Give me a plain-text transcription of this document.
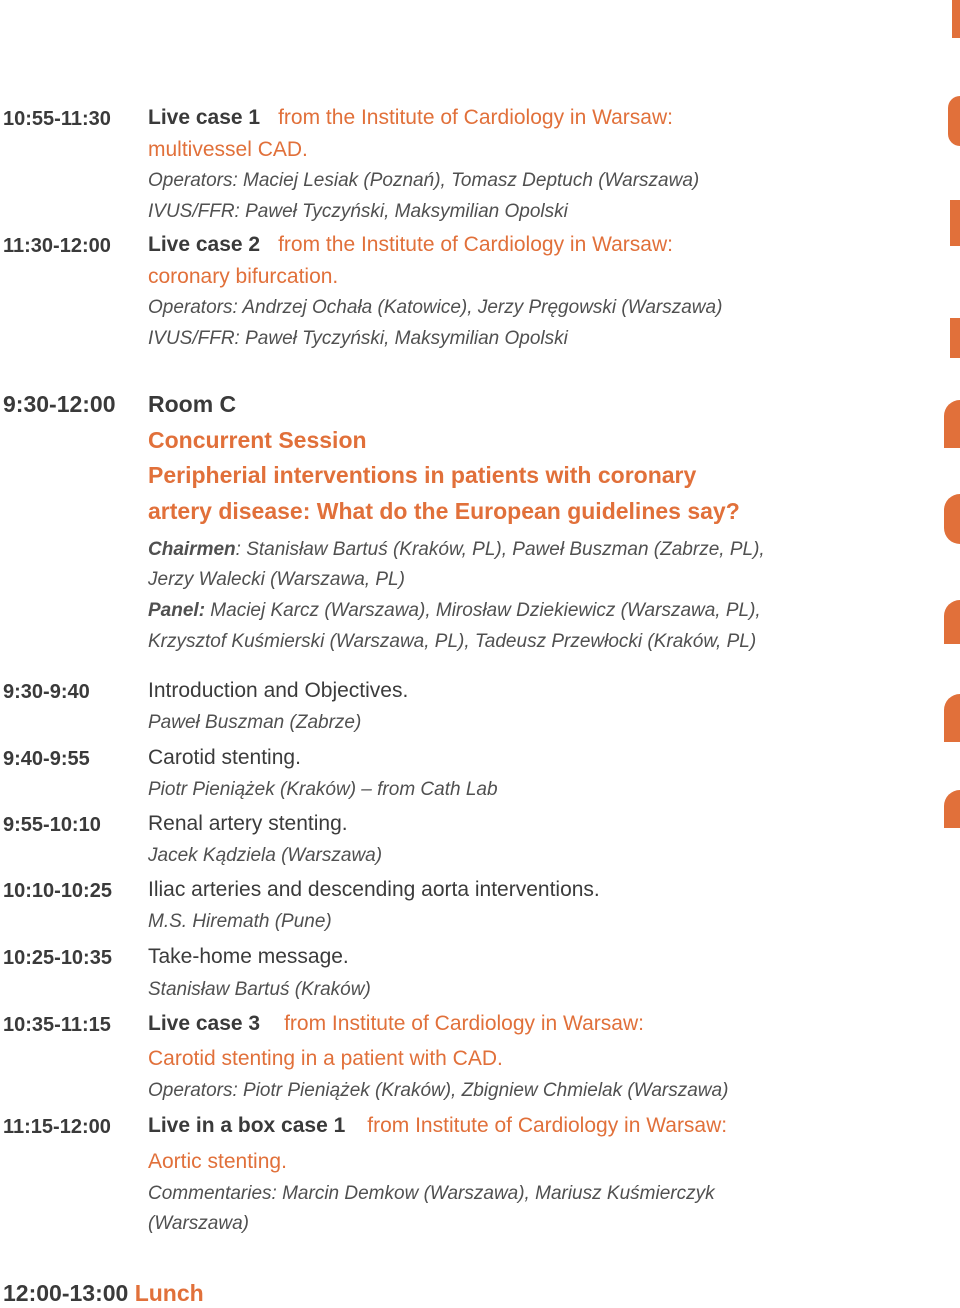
10:55-11:30 Live case 1 from the Institute of Cardiology in Warsaw:
multivessel CAD.
Operators: Maciej Lesiak (Poznań), Tomasz Deptuch (Warszawa)
IVUS/FFR: Paweł Tyczyński, Maksymilian Opolski
11:30-12:00 Live case 2 from the Institute of Cardiology in Warsaw:
coronary bifurcation.
Operators: Andrzej Ochała (Katowice), Jerzy Pręgowski (Warszawa)
IVUS/FFR: Paweł Tyczyński, Maksymilian Opolski
9:30-12:00 Room C
Concurrent Session
Peripherial interventions in patients with coronary
artery disease: What do the European guidelines say?
Chairmen: Stanisław Bartuś (Kraków, PL), Paweł Buszman (Zabrze, PL),
Jerzy Walecki (Warszawa, PL)
Panel: Maciej Karcz (Warszawa), Mirosław Dziekiewicz (Warszawa, PL),
Krzysztof Kuśmierski (Warszawa, PL), Tadeusz Przewłocki (Kraków, PL)
9:30-9:40	Introduction and Objectives.
Paweł Buszman (Zabrze)
9:40-9:55	Carotid stenting.
Piotr Pieniążek (Kraków) – from Cath Lab
9:55-10:10 Renal artery stenting.
Jacek Kądziela (Warszawa)
10:10-10:25 Iliac arteries and descending aorta interventions.
M.S. Hiremath (Pune)
10:25-10:35 Take-home message.
Stanisław Bartuś (Kraków)
10:35-11:15 Live case 3 from Institute of Cardiology in Warsaw:
Carotid stenting in a patient with CAD.
Operators: Piotr Pieniążek (Kraków), Zbigniew Chmielak (Warszawa)
11:15-12:00 Live in a box case 1 from Institute of Cardiology in Warsaw:
Aortic stenting.
Commentaries: Marcin Demkow (Warszawa), Mariusz Kuśmierczyk
(Warszawa)
12:00-13:00 Lunch
